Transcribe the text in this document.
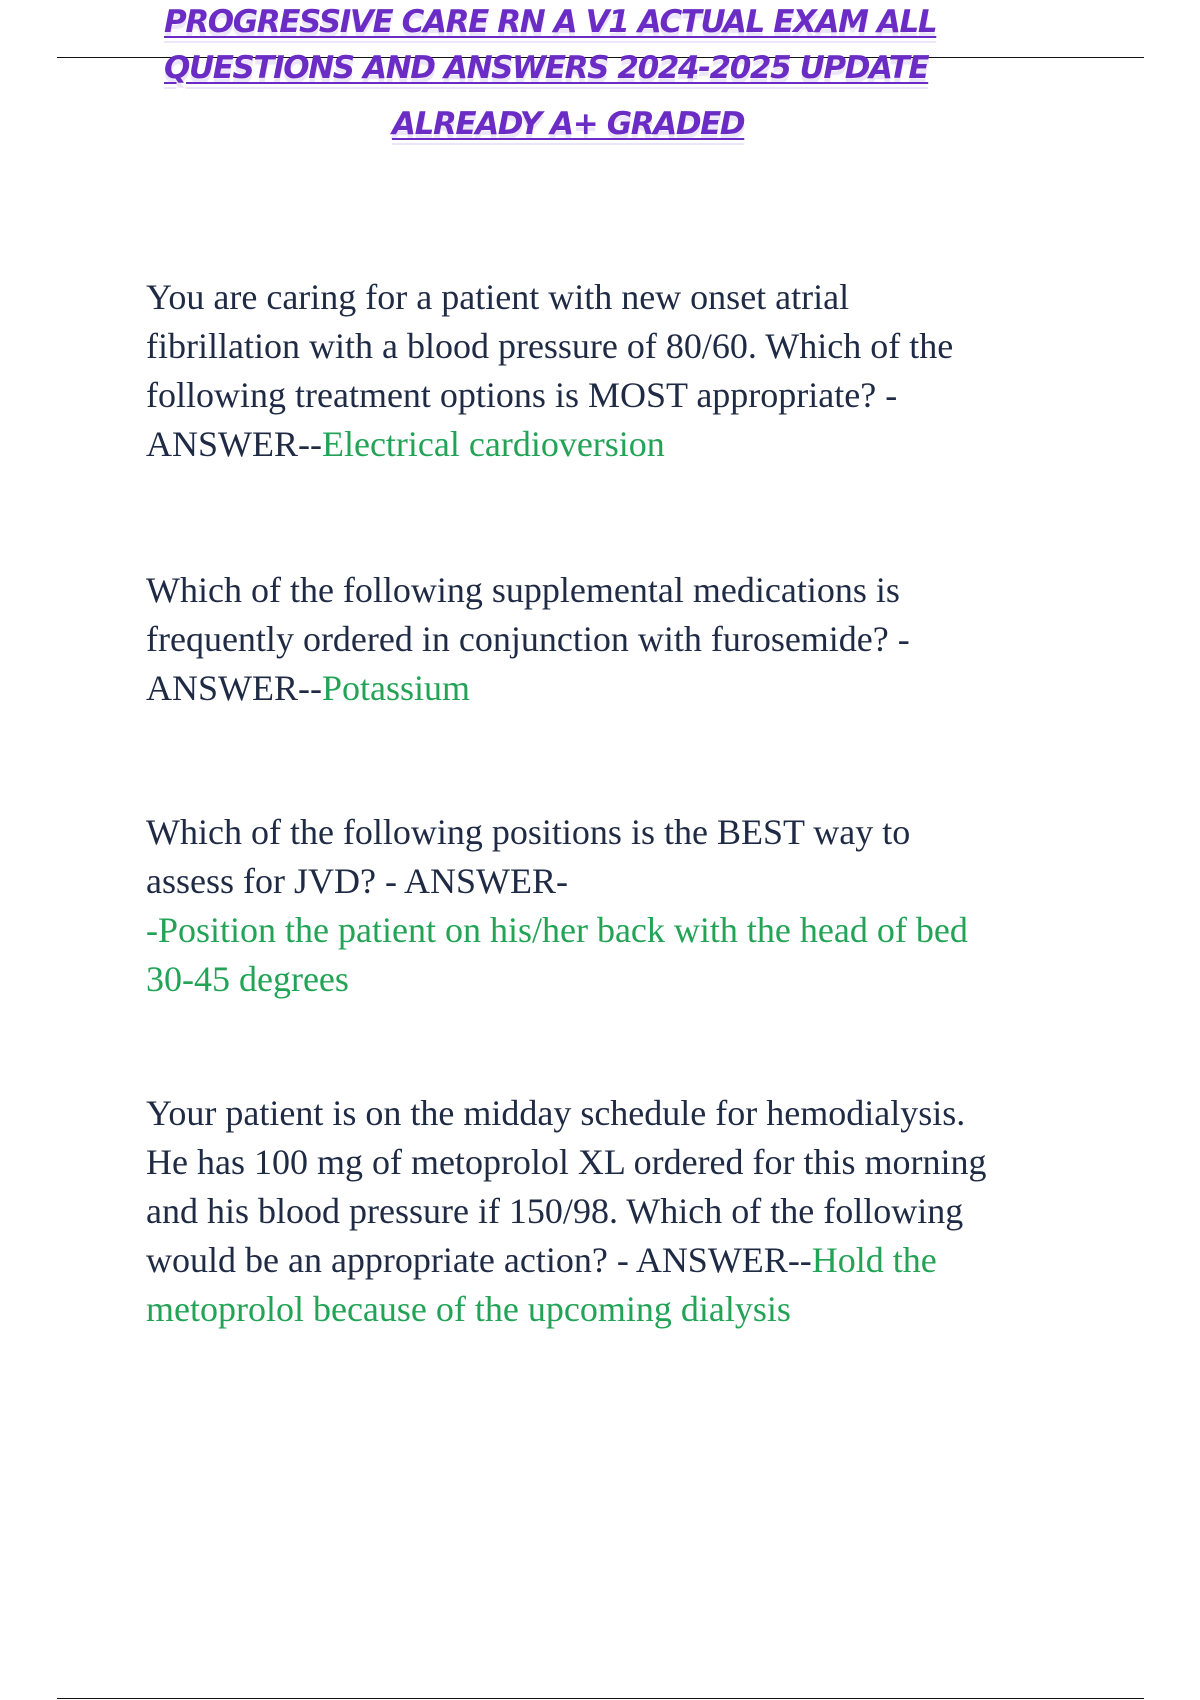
PROGRESSIVE CARE RN A V1 ACTUAL EXAM ALL
QUESTIONS AND ANSWERS 2024-2025 UPDATE
ALREADY A+ GRADED
You are caring for a patient with new onset atrial
fibrillation with a blood pressure of 80/60. Which of the
following treatment options is MOST appropriate? -
ANSWER--Electrical cardioversion
Which of the following supplemental medications is
frequently ordered in conjunction with furosemide? -
ANSWER--Potassium
Which of the following positions is the BEST way to
assess for JVD? - ANSWER-
-Position the patient on his/her back with the head of bed
30-45 degrees
Your patient is on the midday schedule for hemodialysis.
He has 100 mg of metoprolol XL ordered for this morning
and his blood pressure if 150/98. Which of the following
would be an appropriate action? - ANSWER--Hold the
metoprolol because of the upcoming dialysis
